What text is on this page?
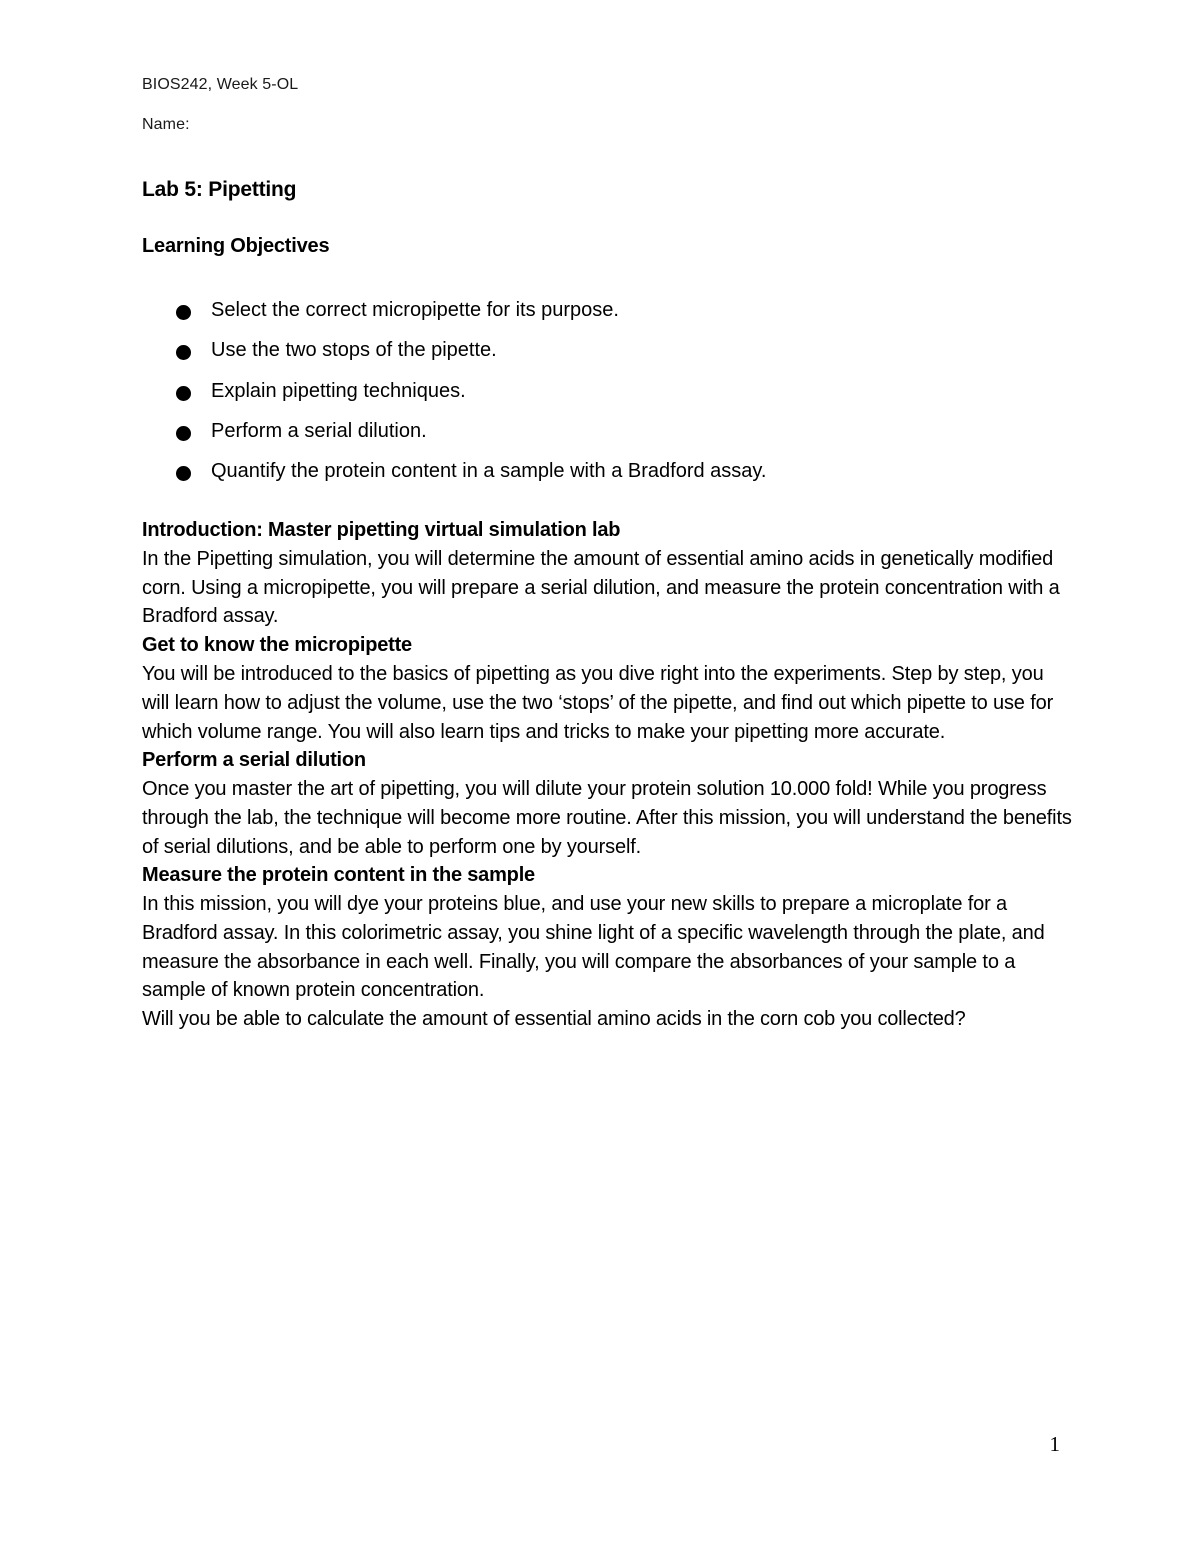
BIOS242, Week 5-OL

Name:

Lab 5: Pipetting
Learning Objectives
Select the correct micropipette for its purpose.
Use the two stops of the pipette.
Explain pipetting techniques.
Perform a serial dilution.
Quantify the protein content in a sample with a Bradford assay.
Introduction: Master pipetting virtual simulation lab

In the Pipetting simulation, you will determine the amount of essential amino acids in genetically modified corn. Using a micropipette, you will prepare a serial dilution, and measure the protein concentration with a Bradford assay.

Get to know the micropipette

You will be introduced to the basics of pipetting as you dive right into the experiments. Step by step, you will learn how to adjust the volume, use the two ‘stops’ of the pipette, and find out which pipette to use for which volume range. You will also learn tips and tricks to make your pipetting more accurate.

Perform a serial dilution

Once you master the art of pipetting, you will dilute your protein solution 10.000 fold! While you progress through the lab, the technique will become more routine. After this mission, you will understand the benefits of serial dilutions, and be able to perform one by yourself.

Measure the protein content in the sample

In this mission, you will dye your proteins blue, and use your new skills to prepare a microplate for a Bradford assay. In this colorimetric assay, you shine light of a specific wavelength through the plate, and measure the absorbance in each well. Finally, you will compare the absorbances of your sample to a sample of known protein concentration.

Will you be able to calculate the amount of essential amino acids in the corn cob you collected?

1
